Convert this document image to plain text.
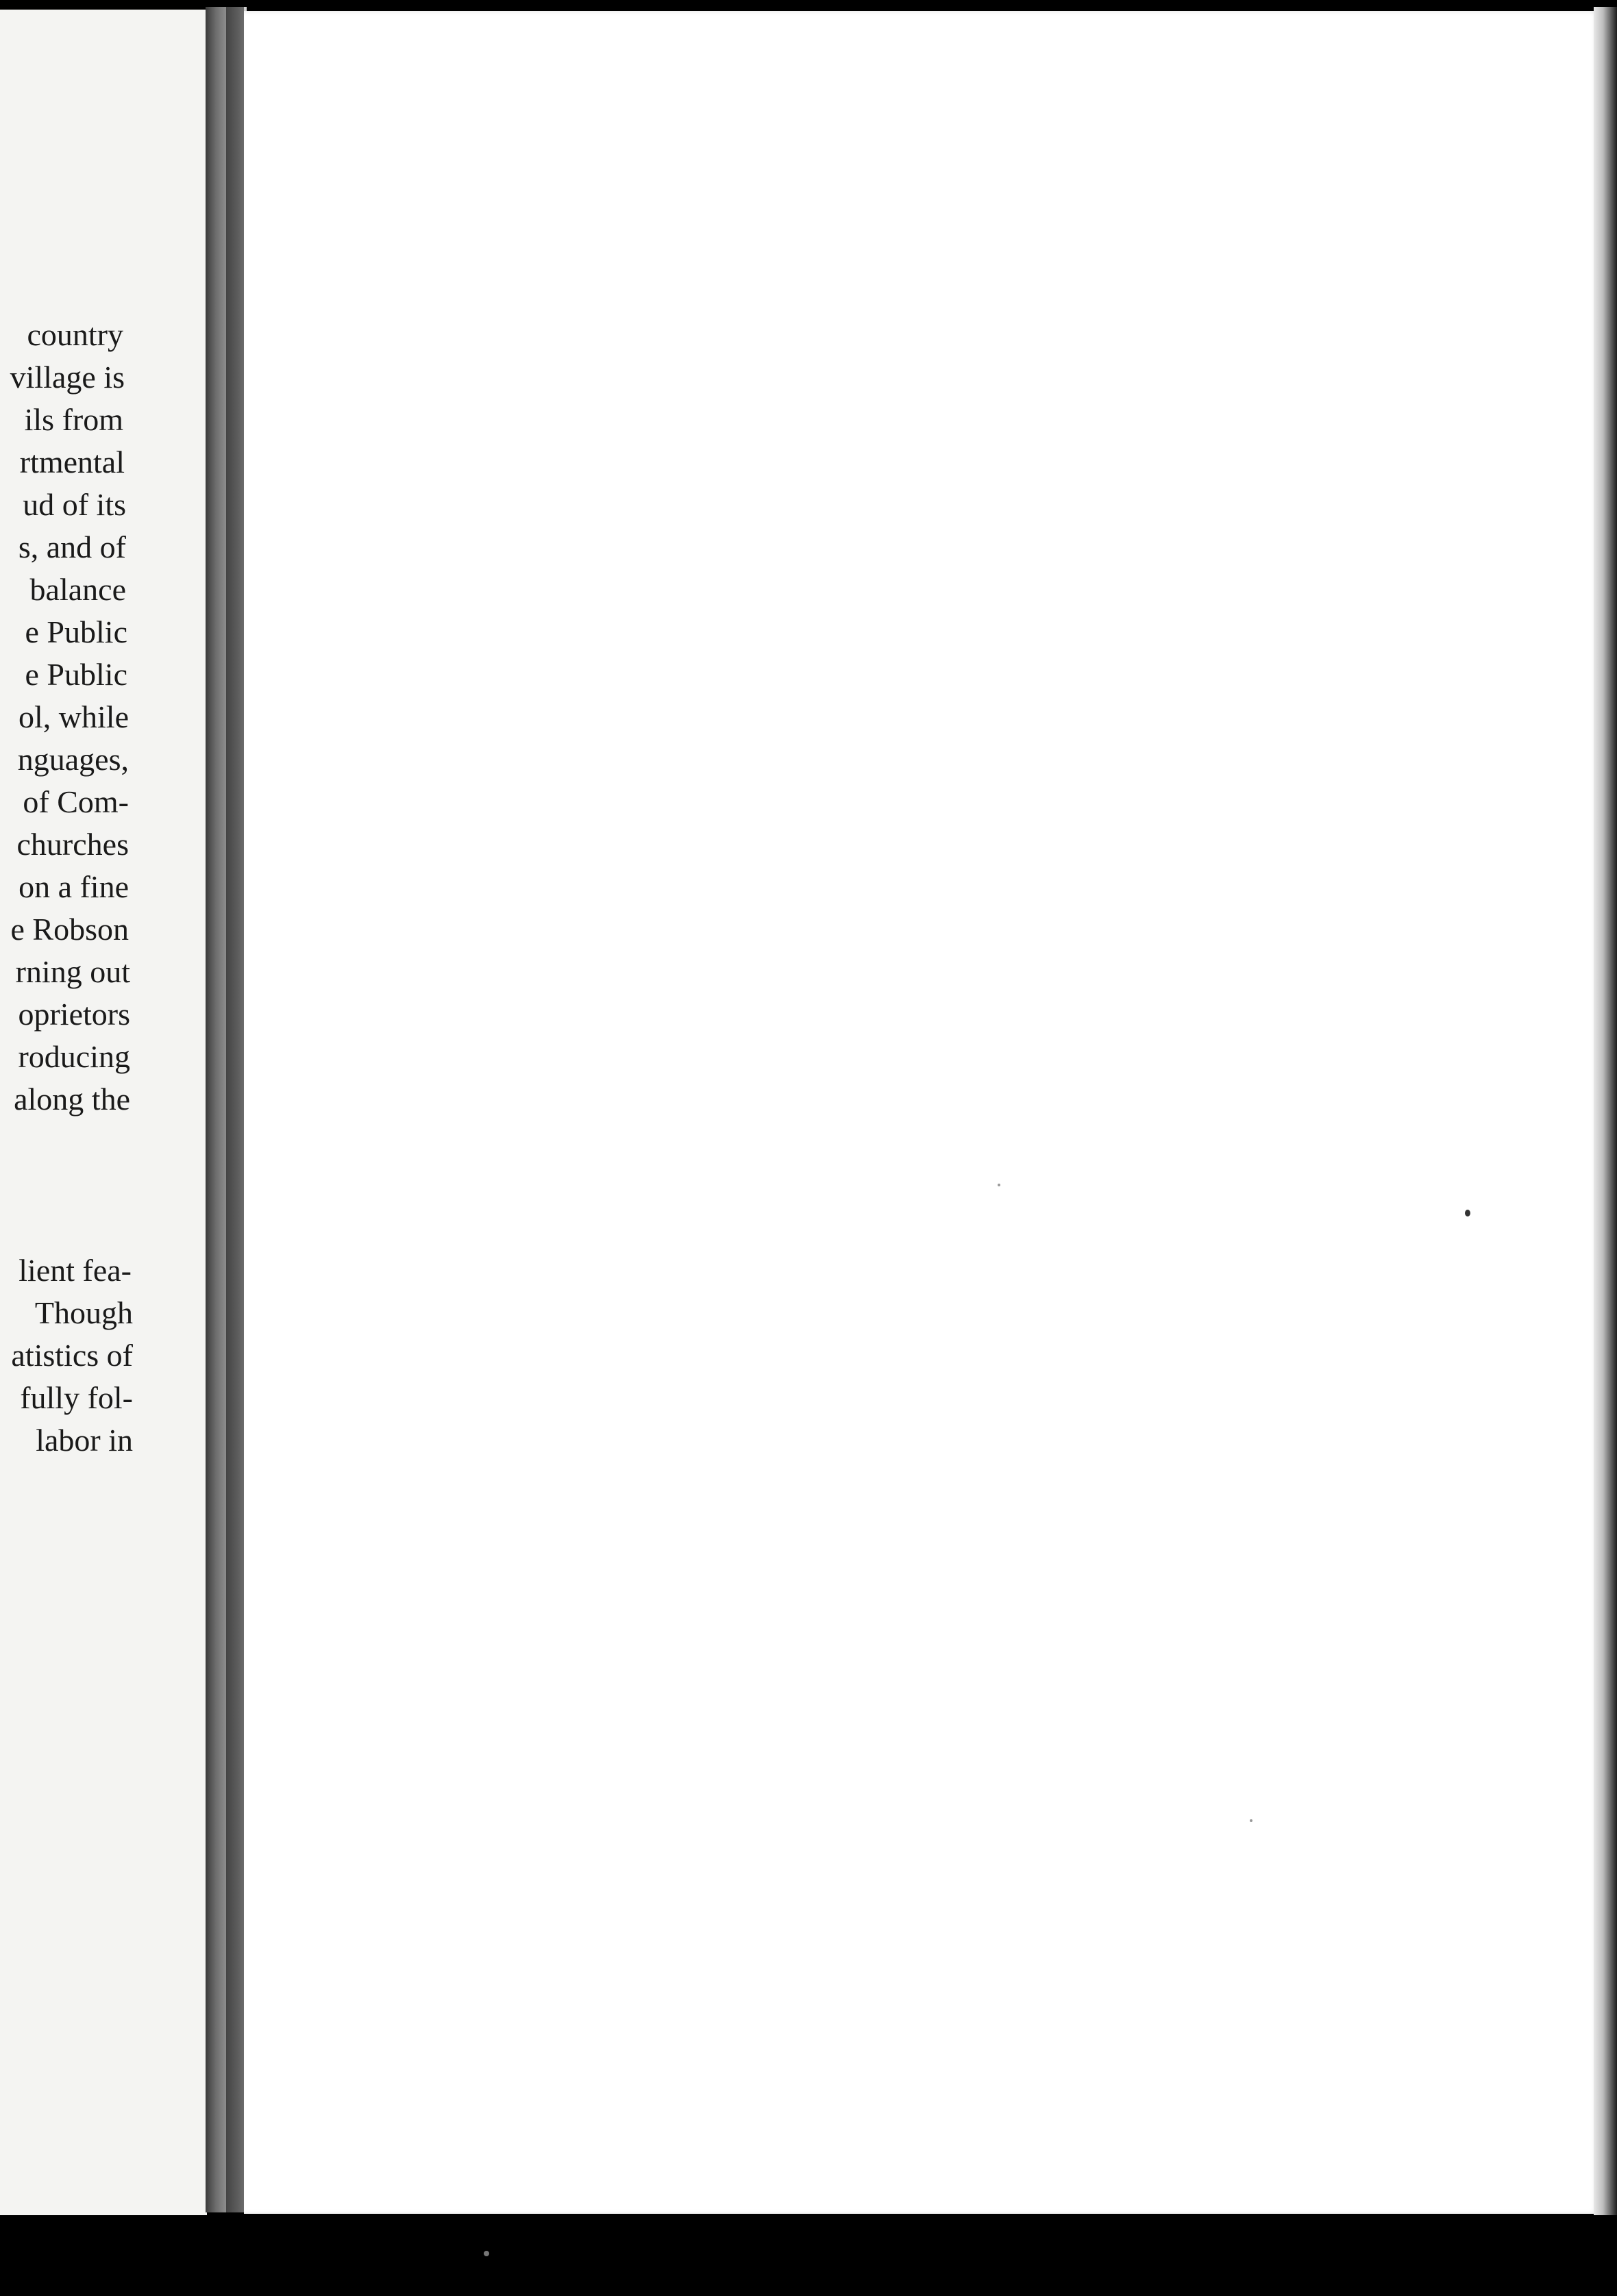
country
village is
ils from
rtmental
ud of its
s, and of
balance
e Public
e Public
ol, while
nguages,
of Com-
churches
on a fine
e Robson
rning out
oprietors
roducing
along the
lient fea-
Though
atistics of
fully fol-
labor in
